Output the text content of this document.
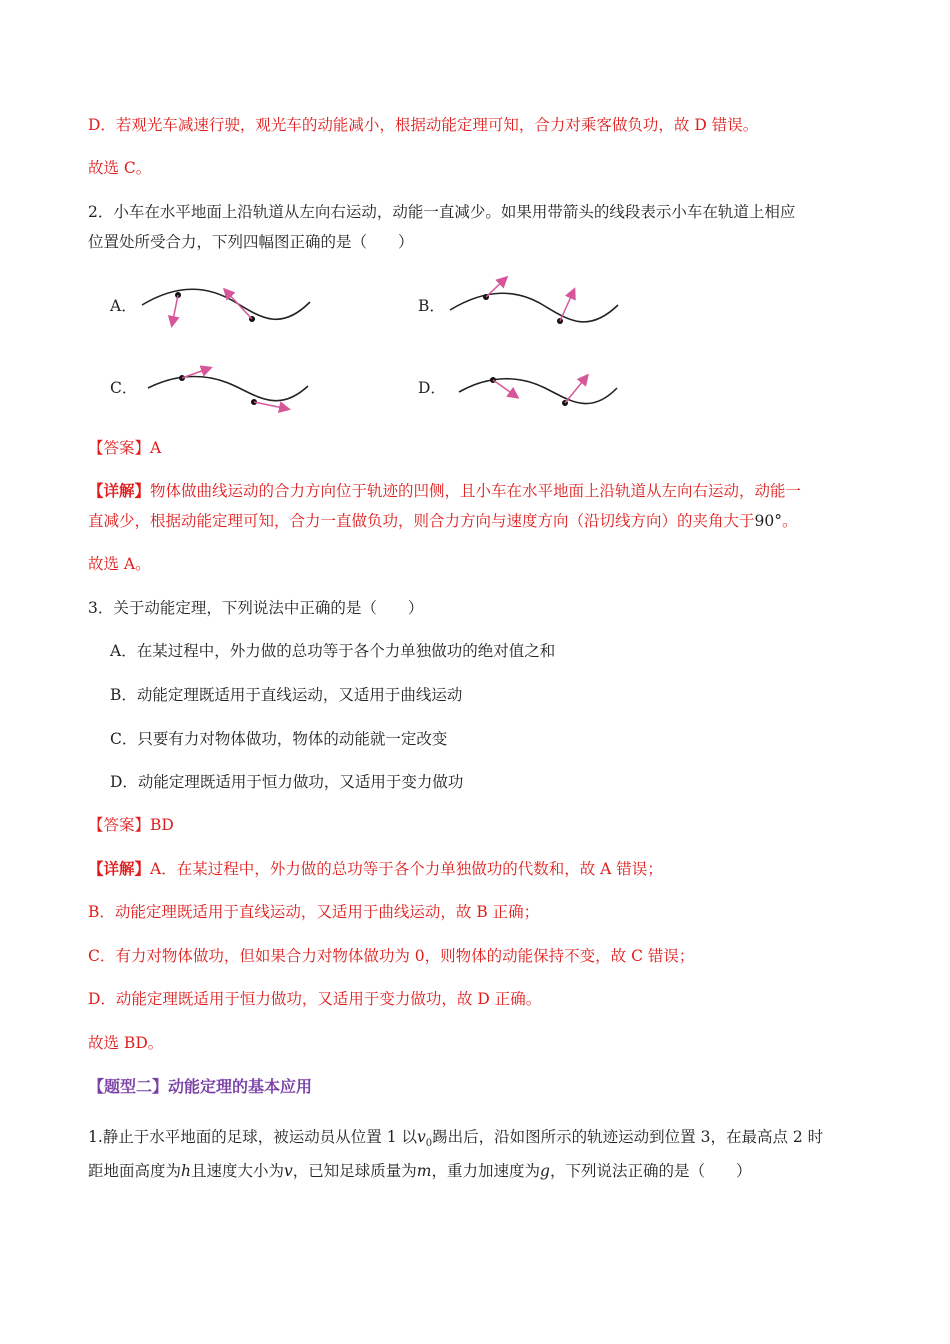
D．若观光车减速行驶，观光车的动能减小，根据动能定理可知，合力对乘客做负功，故 D 错误。
故选 C。
2．小车在水平地面上沿轨道从左向右运动，动能一直减少。如果用带箭头的线段表示小车在轨道上相应
位置处所受合力，下列四幅图正确的是（　　）
A．	B．
C．	D．
【答案】A
【详解】物体做曲线运动的合力方向位于轨迹的凹侧，且小车在水平地面上沿轨道从左向右运动，动能一
直减少，根据动能定理可知，合力一直做负功，则合力方向与速度方向（沿切线方向）的夹角大于90°。
故选 A。
3．关于动能定理，下列说法中正确的是（　　）
A．在某过程中，外力做的总功等于各个力单独做功的绝对值之和
B．动能定理既适用于直线运动，又适用于曲线运动
C．只要有力对物体做功，物体的动能就一定改变
D．动能定理既适用于恒力做功，又适用于变力做功
【答案】BD
【详解】A．在某过程中，外力做的总功等于各个力单独做功的代数和，故 A 错误；
B．动能定理既适用于直线运动，又适用于曲线运动，故 B 正确；
C．有力对物体做功，但如果合力对物体做功为 0，则物体的动能保持不变，故 C 错误；
D．动能定理既适用于恒力做功，又适用于变力做功，故 D 正确。
故选 BD。
【题型二】动能定理的基本应用
1.静止于水平地面的足球，被运动员从位置 1 以$v_0$踢出后，沿如图所示的轨迹运动到位置 3，在最高点 2 时
距地面高度为h且速度大小为v，已知足球质量为m，重力加速度为g，下列说法正确的是（　　）
